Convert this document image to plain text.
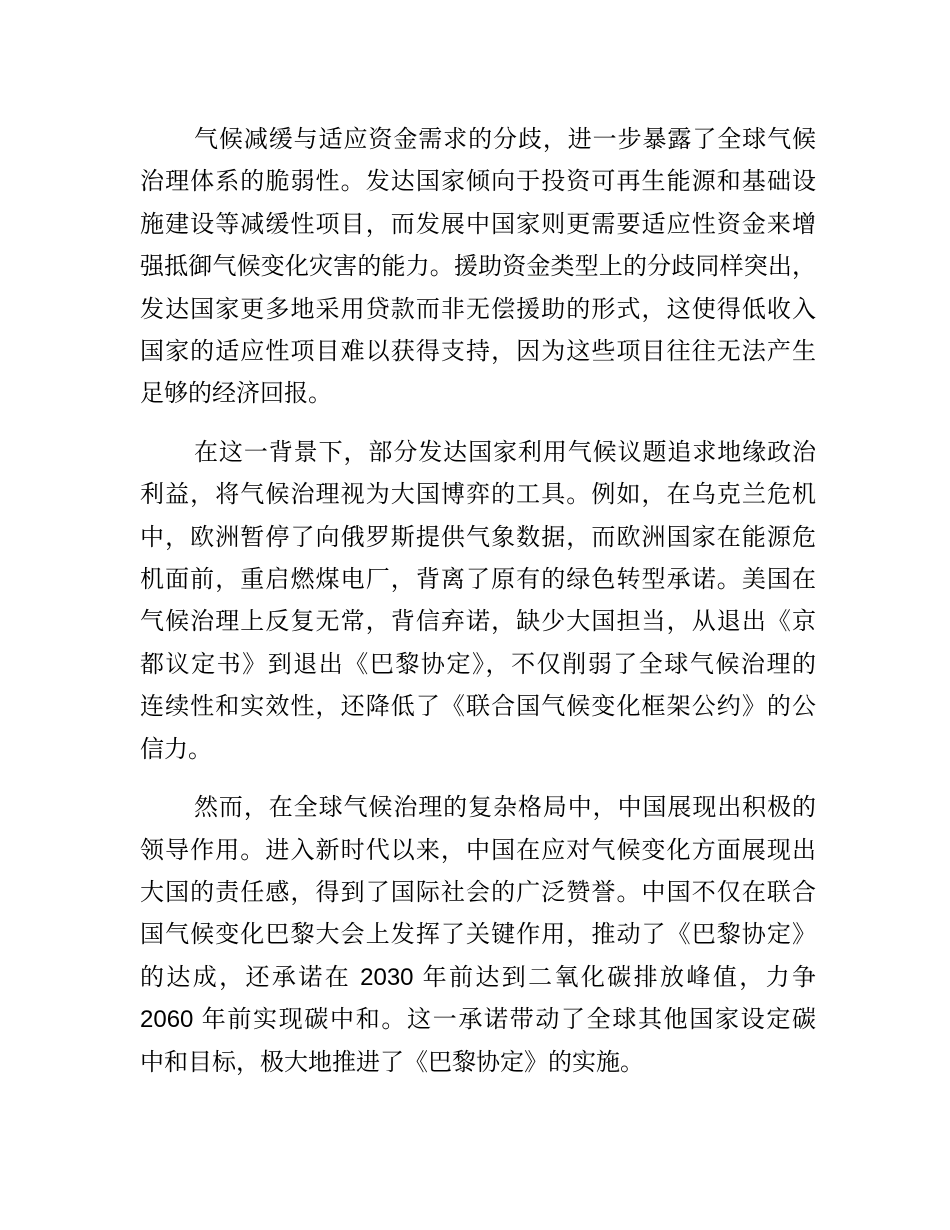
气候减缓与适应资金需求的分歧，进一步暴露了全球气候
治理体系的脆弱性。发达国家倾向于投资可再生能源和基础设
施建设等减缓性项目，而发展中国家则更需要适应性资金来增
强抵御气候变化灾害的能力。援助资金类型上的分歧同样突出，
发达国家更多地采用贷款而非无偿援助的形式，这使得低收入
国家的适应性项目难以获得支持，因为这些项目往往无法产生
足够的经济回报。
在这一背景下，部分发达国家利用气候议题追求地缘政治
利益，将气候治理视为大国博弈的工具。例如，在乌克兰危机
中，欧洲暂停了向俄罗斯提供气象数据，而欧洲国家在能源危
机面前，重启燃煤电厂，背离了原有的绿色转型承诺。美国在
气候治理上反复无常，背信弃诺，缺少大国担当，从退出《京
都议定书》到退出《巴黎协定》，不仅削弱了全球气候治理的
连续性和实效性，还降低了《联合国气候变化框架公约》的公
信力。
然而，在全球气候治理的复杂格局中，中国展现出积极的
领导作用。进入新时代以来，中国在应对气候变化方面展现出
大国的责任感，得到了国际社会的广泛赞誉。中国不仅在联合
国气候变化巴黎大会上发挥了关键作用，推动了《巴黎协定》
的达成，还承诺在 2030 年前达到二氧化碳排放峰值，力争
2060 年前实现碳中和。这一承诺带动了全球其他国家设定碳
中和目标，极大地推进了《巴黎协定》的实施。
